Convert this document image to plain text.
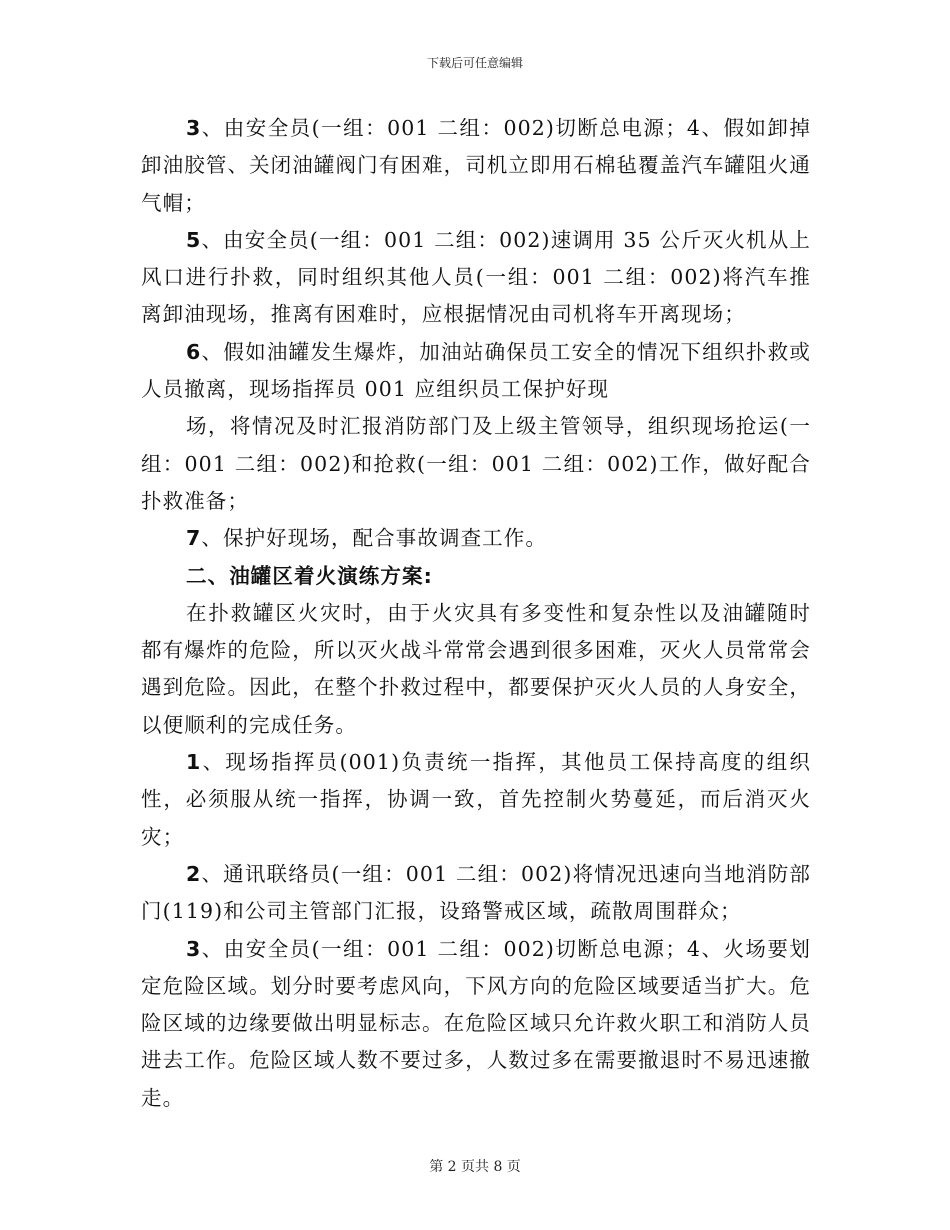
下载后可任意编辑

3、由安全员(一组：001 二组：002)切断总电源；4、假如卸掉卸油胶管、关闭油罐阀门有困难，司机立即用石棉毡覆盖汽车罐阻火通气帽；

5、由安全员(一组：001 二组：002)速调用 35 公斤灭火机从上风口进行扑救，同时组织其他人员(一组：001 二组：002)将汽车推离卸油现场，推离有困难时，应根据情况由司机将车开离现场；

6、假如油罐发生爆炸，加油站确保员工安全的情况下组织扑救或人员撤离，现场指挥员 001 应组织员工保护好现

场，将情况及时汇报消防部门及上级主管领导，组织现场抢运(一组：001 二组：002)和抢救(一组：001 二组：002)工作，做好配合扑救准备；

7、保护好现场，配合事故调查工作。

二、油罐区着火演练方案:

在扑救罐区火灾时，由于火灾具有多变性和复杂性以及油罐随时都有爆炸的危险，所以灭火战斗常常会遇到很多困难，灭火人员常常会遇到危险。因此，在整个扑救过程中，都要保护灭火人员的人身安全，以便顺利的完成任务。

1、现场指挥员(001)负责统一指挥，其他员工保持高度的组织性，必须服从统一指挥，协调一致，首先控制火势蔓延，而后消灭火灾；

2、通讯联络员(一组：001 二组：002)将情况迅速向当地消防部门(119)和公司主管部门汇报，设臵警戒区域，疏散周围群众；

3、由安全员(一组：001 二组：002)切断总电源；4、火场要划定危险区域。划分时要考虑风向，下风方向的危险区域要适当扩大。危险区域的边缘要做出明显标志。在危险区域只允许救火职工和消防人员进去工作。危险区域人数不要过多，人数过多在需要撤退时不易迅速撤走。

第 2 页共 8 页
